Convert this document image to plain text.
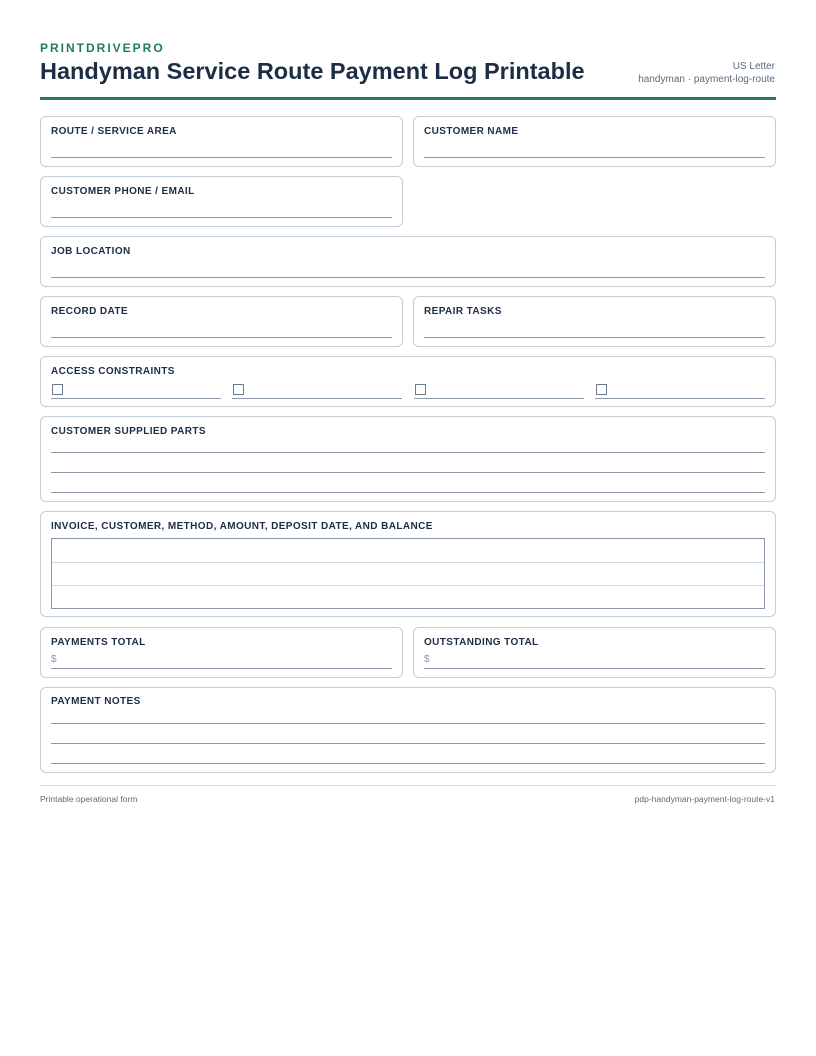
PRINTDRIVEPRO
Handyman Service Route Payment Log Printable	US Letter
handyman · payment-log-route
ROUTE / SERVICE AREA	CUSTOMER NAME
CUSTOMER PHONE / EMAIL
JOB LOCATION
RECORD DATE	REPAIR TASKS
ACCESS CONSTRAINTS
CUSTOMER SUPPLIED PARTS
INVOICE, CUSTOMER, METHOD, AMOUNT, DEPOSIT DATE, AND BALANCE
PAYMENTS TOTAL
$
OUTSTANDING TOTAL
$
PAYMENT NOTES
Printable operational form	pdp-handyman-payment-log-route-v1
